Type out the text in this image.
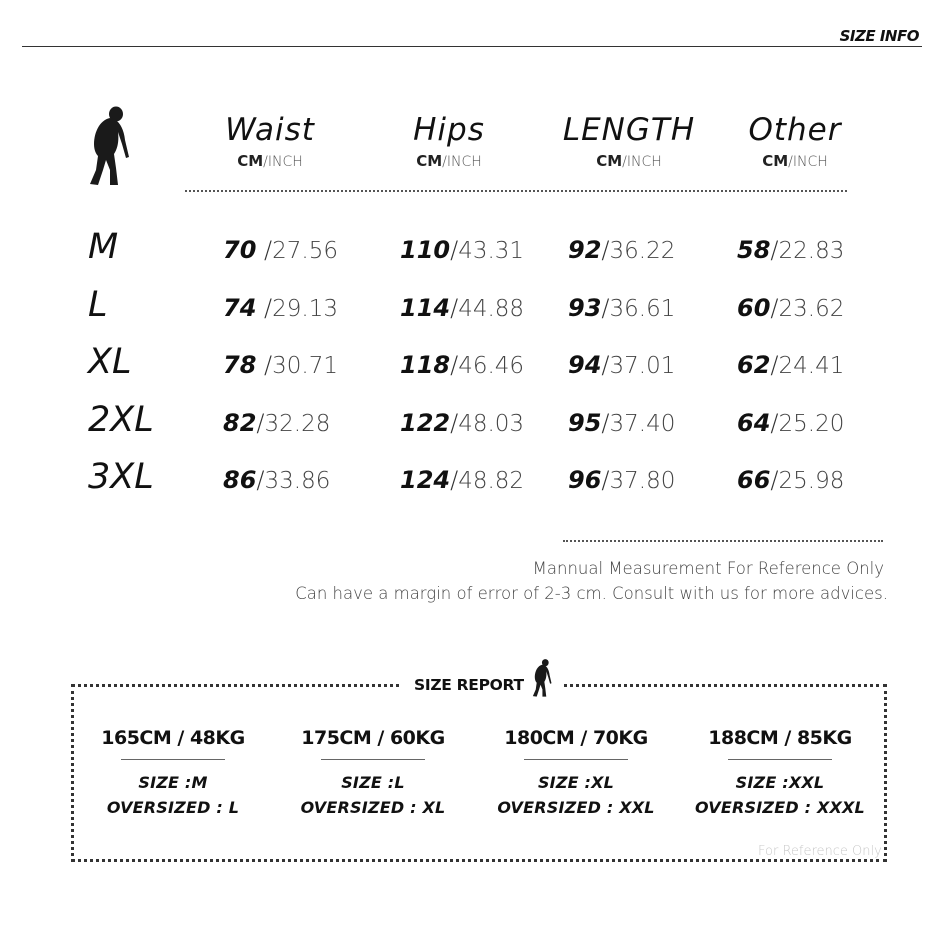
SIZE INFO
Waist
CM/INCH
Hips
CM/INCH
LENGTH
CM/INCH
Other
CM/INCH
M	70 /27.56	110/43.31 92/36.22	58/22.83
L	74 /29.13	114/44.88 93/36.61	60/23.62
XL	78 /30.71	118/46.46 94/37.01	62/24.41
2XL	82/32.28	122/48.03 95/37.40	64/25.20
3XL	86/33.86	124/48.82 96/37.80	66/25.98
Mannual Measurement For Reference Only
Can have a margin of error of 2-3 cm. Consult with us for more advices.
SIZE REPORT
165CM / 48KG
SIZE :M
OVERSIZED : L
175CM / 60KG
SIZE :L
OVERSIZED : XL
180CM / 70KG
SIZE :XL
OVERSIZED : XXL
188CM / 85KG
SIZE :XXL
OVERSIZED : XXXL
For Reference Only
